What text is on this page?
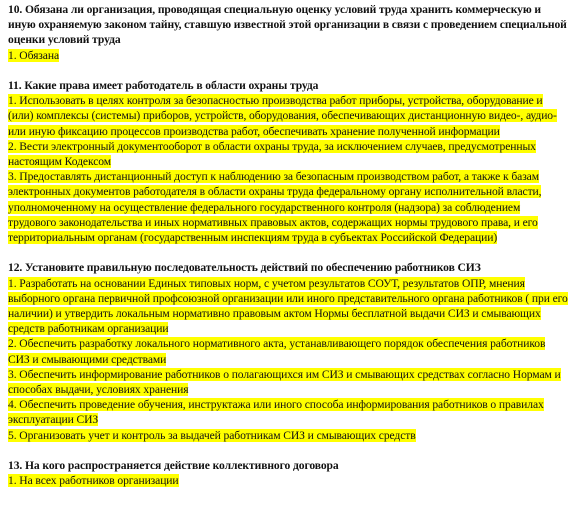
10. Обязана ли организация, проводящая специальную оценку условий труда хранить коммерческую и иную охраняемую законом тайну, ставшую известной этой организации в связи с проведением специальной оценки условий труда

1. Обязана

11. Какие права имеет работодатель в области охраны труда

1. Использовать в целях контроля за безопасностью производства работ приборы, устройства, оборудование и (или) комплексы (системы) приборов, устройств, оборудования, обеспечивающих дистанционную видео-, аудио- или иную фиксацию процессов производства работ, обеспечивать хранение полученной информации

2. Вести электронный документооборот в области охраны труда, за исключением случаев, предусмотренных настоящим Кодексом

3. Предоставлять дистанционный доступ к наблюдению за безопасным производством работ, а также к базам электронных документов работодателя в области охраны труда федеральному органу исполнительной власти, уполномоченному на осуществление федерального государственного контроля (надзора) за соблюдением трудового законодательства и иных нормативных правовых актов, содержащих нормы трудового права, и его территориальным органам (государственным инспекциям труда в субъектах Российской Федерации)

12. Установите правильную последовательность действий по обеспечению работников СИЗ

1. Разработать на основании Единых типовых норм, с учетом результатов СОУТ, результатов ОПР, мнения выборного органа первичной профсоюзной организации или иного представительного органа работников ( при его наличии) и утвердить локальным нормативно правовым актом Нормы бесплатной выдачи СИЗ и смывающих средств работникам организации

2. Обеспечить разработку локального нормативного акта, устанавливающего порядок обеспечения работников СИЗ и смывающими средствами

3. Обеспечить информирование работников о полагающихся им СИЗ и смывающих средствах согласно Нормам и способах выдачи, условиях хранения

4. Обеспечить проведение обучения, инструктажа или иного способа информирования работников о правилах эксплуатации СИЗ

5. Организовать учет и контроль за выдачей работникам СИЗ и смывающих средств

13. На кого распространяется действие коллективного договора

1. На всех работников организации
